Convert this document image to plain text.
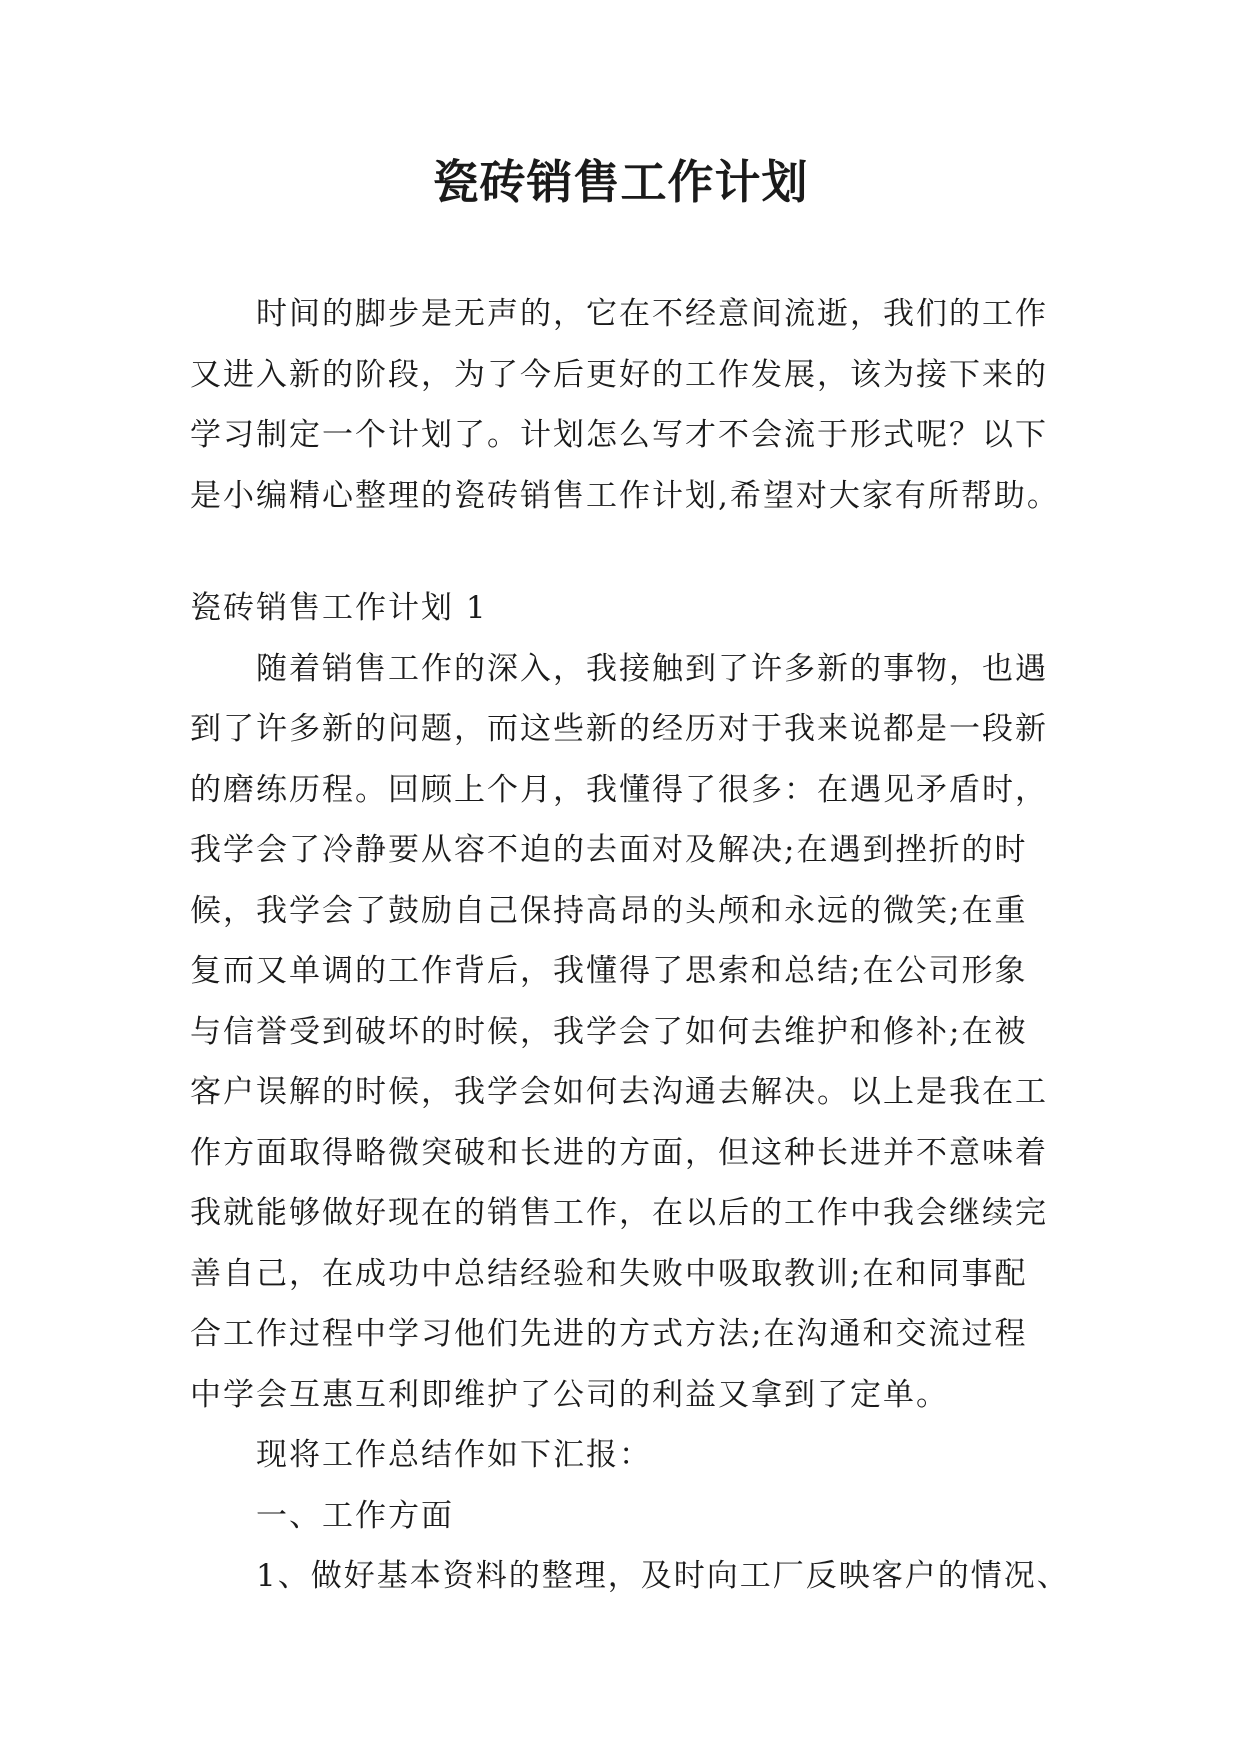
瓷砖销售工作计划

时间的脚步是无声的，它在不经意间流逝，我们的工作
又进入新的阶段，为了今后更好的工作发展，该为接下来的
学习制定一个计划了。计划怎么写才不会流于形式呢？以下
是小编精心整理的瓷砖销售工作计划,希望对大家有所帮助。

瓷砖销售工作计划 1
随着销售工作的深入，我接触到了许多新的事物，也遇
到了许多新的问题，而这些新的经历对于我来说都是一段新
的磨练历程。回顾上个月，我懂得了很多：在遇见矛盾时，
我学会了冷静要从容不迫的去面对及解决;在遇到挫折的时
候，我学会了鼓励自己保持高昂的头颅和永远的微笑;在重
复而又单调的工作背后，我懂得了思索和总结;在公司形象
与信誉受到破坏的时候，我学会了如何去维护和修补;在被
客户误解的时候，我学会如何去沟通去解决。以上是我在工
作方面取得略微突破和长进的方面，但这种长进并不意味着
我就能够做好现在的销售工作，在以后的工作中我会继续完
善自己，在成功中总结经验和失败中吸取教训;在和同事配
合工作过程中学习他们先进的方式方法;在沟通和交流过程
中学会互惠互利即维护了公司的利益又拿到了定单。
现将工作总结作如下汇报：
一、工作方面
1、做好基本资料的整理，及时向工厂反映客户的情况、
